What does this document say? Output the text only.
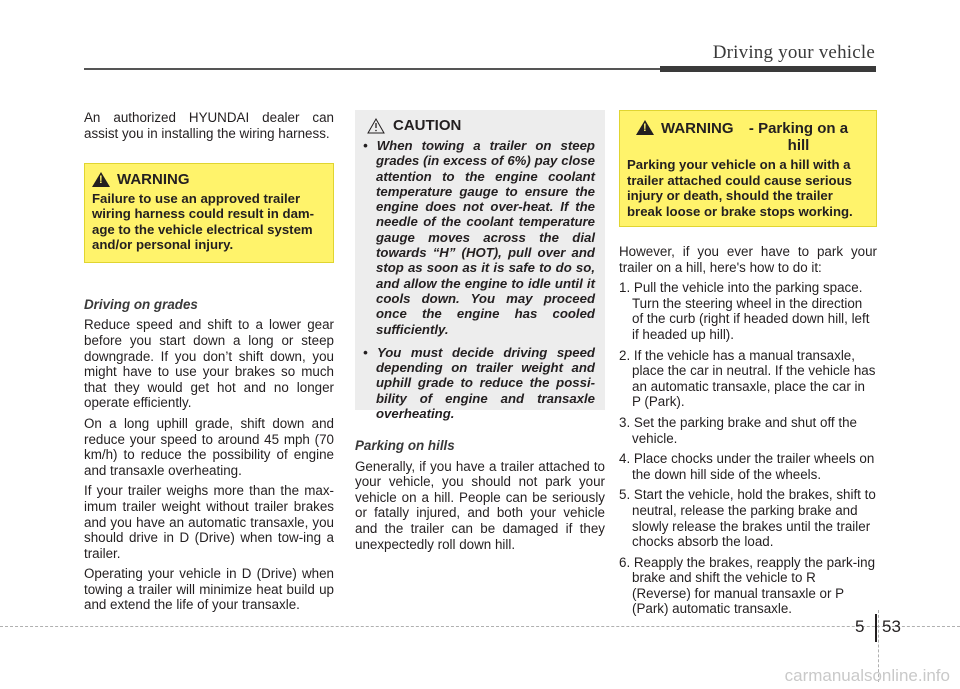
Driving your vehicle

An authorized HYUNDAI dealer can assist you in installing the wiring harness.

! WARNING
Failure to use an approved trailer wiring harness could result in dam-age to the vehicle electrical system and/or personal injury.

Driving on grades

Reduce speed and shift to a lower gear before you start down a long or steep downgrade. If you don’t shift down, you might have to use your brakes so much that they would get hot and no longer operate efficiently.

On a long uphill grade, shift down and reduce your speed to around 45 mph (70 km/h) to reduce the possibility of engine and transaxle overheating.

If your trailer weighs more than the max-imum trailer weight without trailer brakes and you have an automatic transaxle, you should drive in D (Drive) when tow-ing a trailer.

Operating your vehicle in D (Drive) when towing a trailer will minimize heat build up and extend the life of your transaxle.

CAUTION
• When towing a trailer on steep grades (in excess of 6%) pay close attention to the engine coolant temperature gauge to ensure the engine does not over-heat. If the needle of the coolant temperature gauge moves across the dial towards “H” (HOT), pull over and stop as soon as it is safe to do so, and allow the engine to idle until it cools down. You may proceed once the engine has cooled sufficiently.
• You must decide driving speed depending on trailer weight and uphill grade to reduce the possi-bility of engine and transaxle overheating.

Parking on hills

Generally, if you have a trailer attached to your vehicle, you should not park your vehicle on a hill. People can be seriously or fatally injured, and both your vehicle and the trailer can be damaged if they unexpectedly roll down hill.

! WARNING	- Parking on a hill
Parking your vehicle on a hill with a trailer attached could cause serious injury or death, should the trailer break loose or brake stops working.

However, if you ever have to park your trailer on a hill, here's how to do it:

1. Pull the vehicle into the parking space. Turn the steering wheel in the direction of the curb (right if headed down hill, left if headed up hill).
2. If the vehicle has a manual transaxle, place the car in neutral. If the vehicle has an automatic transaxle, place the car in P (Park).
3. Set the parking brake and shut off the vehicle.
4. Place chocks under the trailer wheels on the down hill side of the wheels.
5. Start the vehicle, hold the brakes, shift to neutral, release the parking brake and slowly release the brakes until the trailer chocks absorb the load.
6. Reapply the brakes, reapply the park-ing brake and shift the vehicle to R (Reverse) for manual transaxle or P (Park) automatic transaxle.
5 53
carmanualsonline.info
